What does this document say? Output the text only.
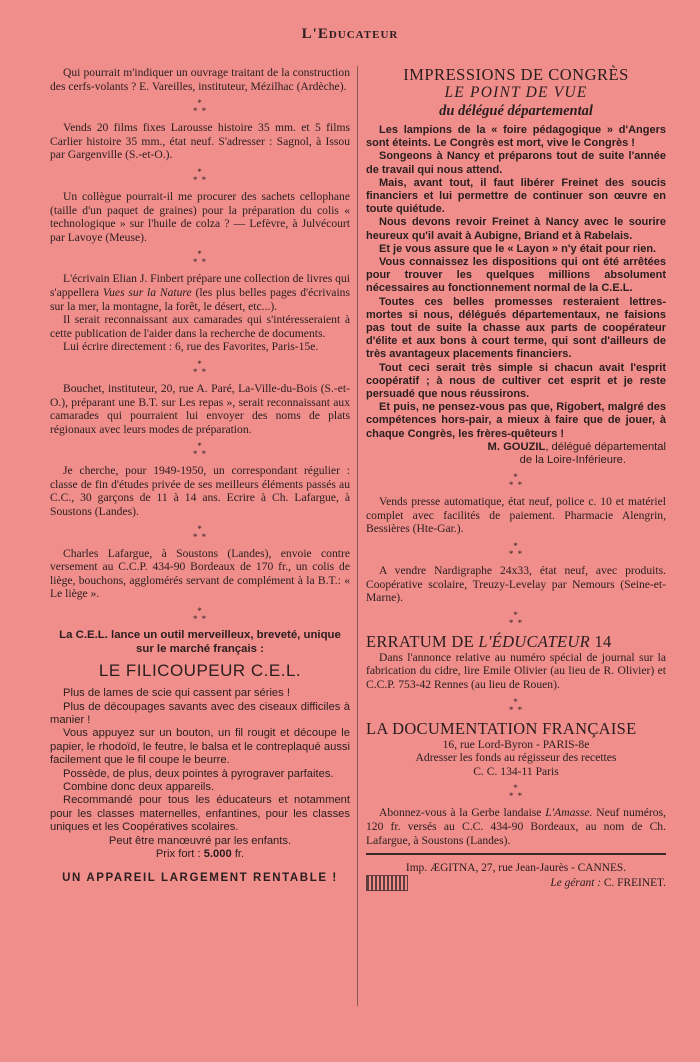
L'Educateur

Qui pourrait m'indiquer un ouvrage traitant de la construction des cerfs-volants ? E. Vareilles, instituteur, Mézilhac (Ardèche).

*
* *

Vends 20 films fixes Larousse histoire 35 mm. et 5 films Carlier histoire 35 mm., état neuf. S'adresser : Sagnol, à Issou par Gargenville (S.-et-O.).

*
* *

Un collègue pourrait-il me procurer des sachets cellophane (taille d'un paquet de graines) pour la préparation du colis « technologique » sur l'huile de colza ? — Lefèvre, à Julvécourt par Lavoye (Meuse).

*
* *

L'écrivain Elian J. Finbert prépare une collection de livres qui s'appellera Vues sur la Nature (les plus belles pages d'écrivains sur la mer, la montagne, la forêt, le désert, etc...).

Il serait reconnaissant aux camarades qui s'intéresseraient à cette publication de l'aider dans la recherche de documents.

Lui écrire directement : 6, rue des Favorites, Paris-15e.

*
* *

Bouchet, instituteur, 20, rue A. Paré, La-Ville-du-Bois (S.-et-O.), préparant une B.T. sur Les repas », serait reconnaissant aux camarades qui pourraient lui envoyer des noms de plats régionaux avec leurs modes de préparation.

*
* *

Je cherche, pour 1949-1950, un correspondant régulier : classe de fin d'études privée de ses meilleurs éléments passés au C.C., 30 garçons de 11 à 14 ans. Ecrire à Ch. Lafargue, à Soustons (Landes).

*
* *

Charles Lafargue, à Soustons (Landes), envoie contre versement au C.C.P. 434-90 Bordeaux de 170 fr., un colis de liège, bouchons, agglomérés servant de complément à la B.T.: « Le liège ».

*
* *

La C.E.L. lance un outil merveilleux, breveté, unique sur le marché français :

LE FILICOUPEUR C.E.L.

Plus de lames de scie qui cassent par séries !

Plus de découpages savants avec des ciseaux difficiles à manier !

Vous appuyez sur un bouton, un fil rougit et découpe le papier, le rhodoïd, le feutre, le balsa et le contreplaqué aussi facilement que le fil coupe le beurre.

Possède, de plus, deux pointes à pyrograver parfaites.

Combine donc deux appareils.

Recommandé pour tous les éducateurs et notamment pour les classes maternelles, enfantines, pour les classes uniques et les Coopératives scolaires.

Peut être manœuvré par les enfants.

Prix fort : 5.000 fr.

UN APPAREIL LARGEMENT RENTABLE !
IMPRESSIONS DE CONGRÈS
LE POINT DE VUE
du délégué départemental

Les lampions de la « foire pédagogique » d'Angers sont éteints. Le Congrès est mort, vive le Congrès !

Songeons à Nancy et préparons tout de suite l'année de travail qui nous attend.

Mais, avant tout, il faut libérer Freinet des soucis financiers et lui permettre de continuer son œuvre en toute quiétude.

Nous devons revoir Freinet à Nancy avec le sourire heureux qu'il avait à Aubigne, Briand et à Rabelais.

Et je vous assure que le « Layon » n'y était pour rien.

Vous connaissez les dispositions qui ont été arrêtées pour trouver les quelques millions absolument nécessaires au fonctionnement normal de la C.E.L.

Toutes ces belles promesses resteraient lettres-mortes si nous, délégués départementaux, ne faisions pas tout de suite la chasse aux parts de coopérateur d'élite et aux bons à court terme, qui sont d'ailleurs de très avantageux placements financiers.

Tout ceci serait très simple si chacun avait l'esprit coopératif ; à nous de cultiver cet esprit et je reste persuadé que nous réussirons.

Et puis, ne pensez-vous pas que, Rigobert, malgré des compétences hors-pair, a mieux à faire que de jouer, à chaque Congrès, les frères-quêteurs !

M. GOUZIL, délégué départemental
de la Loire-Inférieure.
*
* *

Vends presse automatique, état neuf, police c. 10 et matériel complet avec facilités de paiement. Pharmacie Alengrin, Bessières (Hte-Gar.).

*
* *

A vendre Nardigraphe 24x33, état neuf, avec produits. Coopérative scolaire, Treuzy-Levelay par Nemours (Seine-et-Marne).

*
* *
ERRATUM DE L'ÉDUCATEUR 14

Dans l'annonce relative au numéro spécial de journal sur la fabrication du cidre, lire Emile Olivier (au lieu de R. Olivier) et C.C.P. 753-42 Rennes (au lieu de Rouen).

*
* *
LA DOCUMENTATION FRANÇAISE

16, rue Lord-Byron - PARIS-8e

Adresser les fonds au régisseur des recettes

C. C. 134-11 Paris

*
* *

Abonnez-vous à la Gerbe landaise L'Amasse. Neuf numéros, 120 fr. versés au C.C. 434-90 Bordeaux, au nom de Ch. Lafargue, à Soustons (Landes).

Imp. ÆGITNA, 27, rue Jean-Jaurès - CANNES.

Le gérant : C. FREINET.
